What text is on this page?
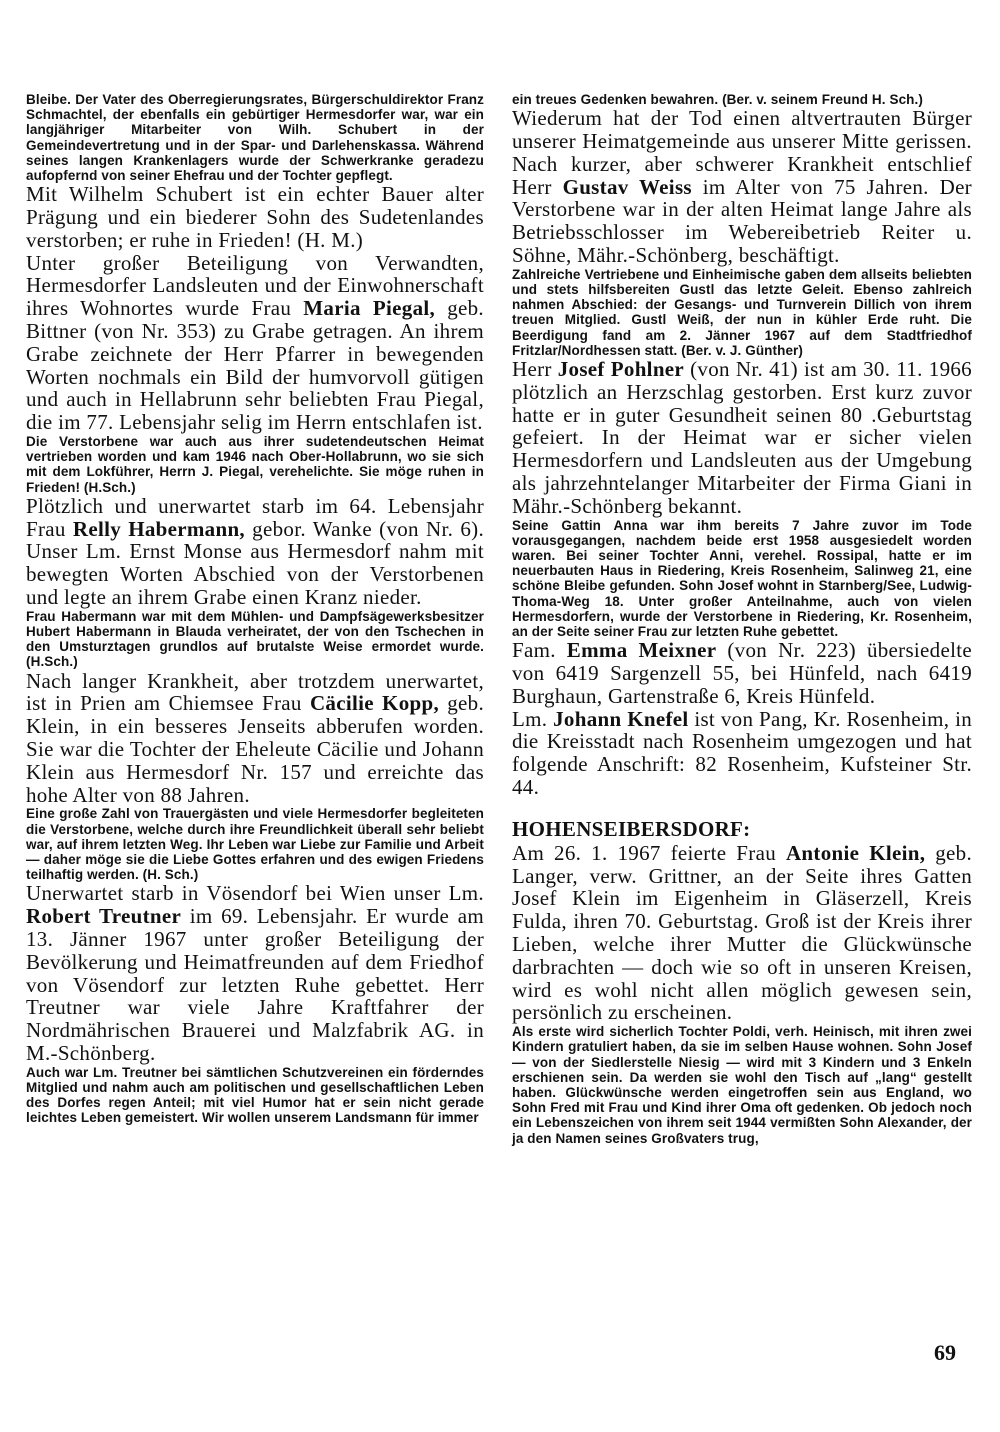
Bleibe. Der Vater des Oberregierungsrates, Bürgerschuldirektor Franz Schmachtel, der ebenfalls ein gebürtiger Hermesdorfer war, war ein langjähriger Mitarbeiter von Wilh. Schubert in der Gemeindevertretung und in der Spar- und Darlehenskassa. Während seines langen Krankenlagers wurde der Schwerkranke geradezu aufopfernd von seiner Ehefrau und der Tochter gepflegt.

Mit Wilhelm Schubert ist ein echter Bauer alter Prägung und ein biederer Sohn des Sudetenlandes verstorben; er ruhe in Frieden! (H. M.)

Unter großer Beteiligung von Verwandten, Hermesdorfer Landsleuten und der Einwohnerschaft ihres Wohnortes wurde Frau Maria Piegal, geb. Bittner (von Nr. 353) zu Grabe getragen. An ihrem Grabe zeichnete der Herr Pfarrer in bewegenden Worten nochmals ein Bild der humvorvoll gütigen und auch in Hellabrunn sehr beliebten Frau Piegal, die im 77. Lebensjahr selig im Herrn entschlafen ist.

Die Verstorbene war auch aus ihrer sudetendeutschen Heimat vertrieben worden und kam 1946 nach Ober-Hollabrunn, wo sie sich mit dem Lokführer, Herrn J. Piegal, verehelichte. Sie möge ruhen in Frieden! (H.Sch.)

Plötzlich und unerwartet starb im 64. Lebensjahr Frau Relly Habermann, gebor. Wanke (von Nr. 6). Unser Lm. Ernst Monse aus Hermesdorf nahm mit bewegten Worten Abschied von der Verstorbenen und legte an ihrem Grabe einen Kranz nieder.

Frau Habermann war mit dem Mühlen- und Dampfsägewerksbesitzer Hubert Habermann in Blauda verheiratet, der von den Tschechen in den Umsturztagen grundlos auf brutalste Weise ermordet wurde. (H.Sch.)

Nach langer Krankheit, aber trotzdem unerwartet, ist in Prien am Chiemsee Frau Cäcilie Kopp, geb. Klein, in ein besseres Jenseits abberufen worden. Sie war die Tochter der Eheleute Cäcilie und Johann Klein aus Hermesdorf Nr. 157 und erreichte das hohe Alter von 88 Jahren.

Eine große Zahl von Trauergästen und viele Hermesdorfer begleiteten die Verstorbene, welche durch ihre Freundlichkeit überall sehr beliebt war, auf ihrem letzten Weg. Ihr Leben war Liebe zur Familie und Arbeit — daher möge sie die Liebe Gottes erfahren und des ewigen Friedens teilhaftig werden. (H. Sch.)

Unerwartet starb in Vösendorf bei Wien unser Lm. Robert Treutner im 69. Lebensjahr. Er wurde am 13. Jänner 1967 unter großer Beteiligung der Bevölkerung und Heimatfreunden auf dem Friedhof von Vösendorf zur letzten Ruhe gebettet. Herr Treutner war viele Jahre Kraftfahrer der Nordmährischen Brauerei und Malzfabrik AG. in M.-Schönberg.

Auch war Lm. Treutner bei sämtlichen Schutzvereinen ein förderndes Mitglied und nahm auch am politischen und gesellschaftlichen Leben des Dorfes regen Anteil; mit viel Humor hat er sein nicht gerade leichtes Leben gemeistert. Wir wollen unserem Landsmann für immer

ein treues Gedenken bewahren. (Ber. v. seinem Freund H. Sch.)

Wiederum hat der Tod einen altvertrauten Bürger unserer Heimatgemeinde aus unserer Mitte gerissen. Nach kurzer, aber schwerer Krankheit entschlief Herr Gustav Weiss im Alter von 75 Jahren. Der Verstorbene war in der alten Heimat lange Jahre als Betriebsschlosser im Webereibetrieb Reiter u. Söhne, Mähr.-Schönberg, beschäftigt.

Zahlreiche Vertriebene und Einheimische gaben dem allseits beliebten und stets hilfsbereiten Gustl das letzte Geleit. Ebenso zahlreich nahmen Abschied: der Gesangs- und Turnverein Dillich von ihrem treuen Mitglied. Gustl Weiß, der nun in kühler Erde ruht. Die Beerdigung fand am 2. Jänner 1967 auf dem Stadtfriedhof Fritzlar/Nordhessen statt. (Ber. v. J. Günther)

Herr Josef Pohlner (von Nr. 41) ist am 30. 11. 1966 plötzlich an Herzschlag gestorben. Erst kurz zuvor hatte er in guter Gesundheit seinen 80 .Geburtstag gefeiert. In der Heimat war er sicher vielen Hermesdorfern und Landsleuten aus der Umgebung als jahrzehntelanger Mitarbeiter der Firma Giani in Mähr.-Schönberg bekannt.

Seine Gattin Anna war ihm bereits 7 Jahre zuvor im Tode vorausgegangen, nachdem beide erst 1958 ausgesiedelt worden waren. Bei seiner Tochter Anni, verehel. Rossipal, hatte er im neuerbauten Haus in Riedering, Kreis Rosenheim, Salinweg 21, eine schöne Bleibe gefunden. Sohn Josef wohnt in Starnberg/See, Ludwig-Thoma-Weg 18. Unter großer Anteilnahme, auch von vielen Hermesdorfern, wurde der Verstorbene in Riedering, Kr. Rosenheim, an der Seite seiner Frau zur letzten Ruhe gebettet.

Fam. Emma Meixner (von Nr. 223) übersiedelte von 6419 Sargenzell 55, bei Hünfeld, nach 6419 Burghaun, Gartenstraße 6, Kreis Hünfeld.

Lm. Johann Knefel ist von Pang, Kr. Rosenheim, in die Kreisstadt nach Rosenheim umgezogen und hat folgende Anschrift: 82 Rosenheim, Kufsteiner Str. 44.

HOHENSEIBERSDORF:

Am 26. 1. 1967 feierte Frau Antonie Klein, geb. Langer, verw. Grittner, an der Seite ihres Gatten Josef Klein im Eigenheim in Gläserzell, Kreis Fulda, ihren 70. Geburtstag. Groß ist der Kreis ihrer Lieben, welche ihrer Mutter die Glückwünsche darbrachten — doch wie so oft in unseren Kreisen, wird es wohl nicht allen möglich gewesen sein, persönlich zu erscheinen.

Als erste wird sicherlich Tochter Poldi, verh. Heinisch, mit ihren zwei Kindern gratuliert haben, da sie im selben Hause wohnen. Sohn Josef — von der Siedlerstelle Niesig — wird mit 3 Kindern und 3 Enkeln erschienen sein. Da werden sie wohl den Tisch auf „lang“ gestellt haben. Glückwünsche werden eingetroffen sein aus England, wo Sohn Fred mit Frau und Kind ihrer Oma oft gedenken. Ob jedoch noch ein Lebenszeichen von ihrem seit 1944 vermißten Sohn Alexander, der ja den Namen seines Großvaters trug,

69
